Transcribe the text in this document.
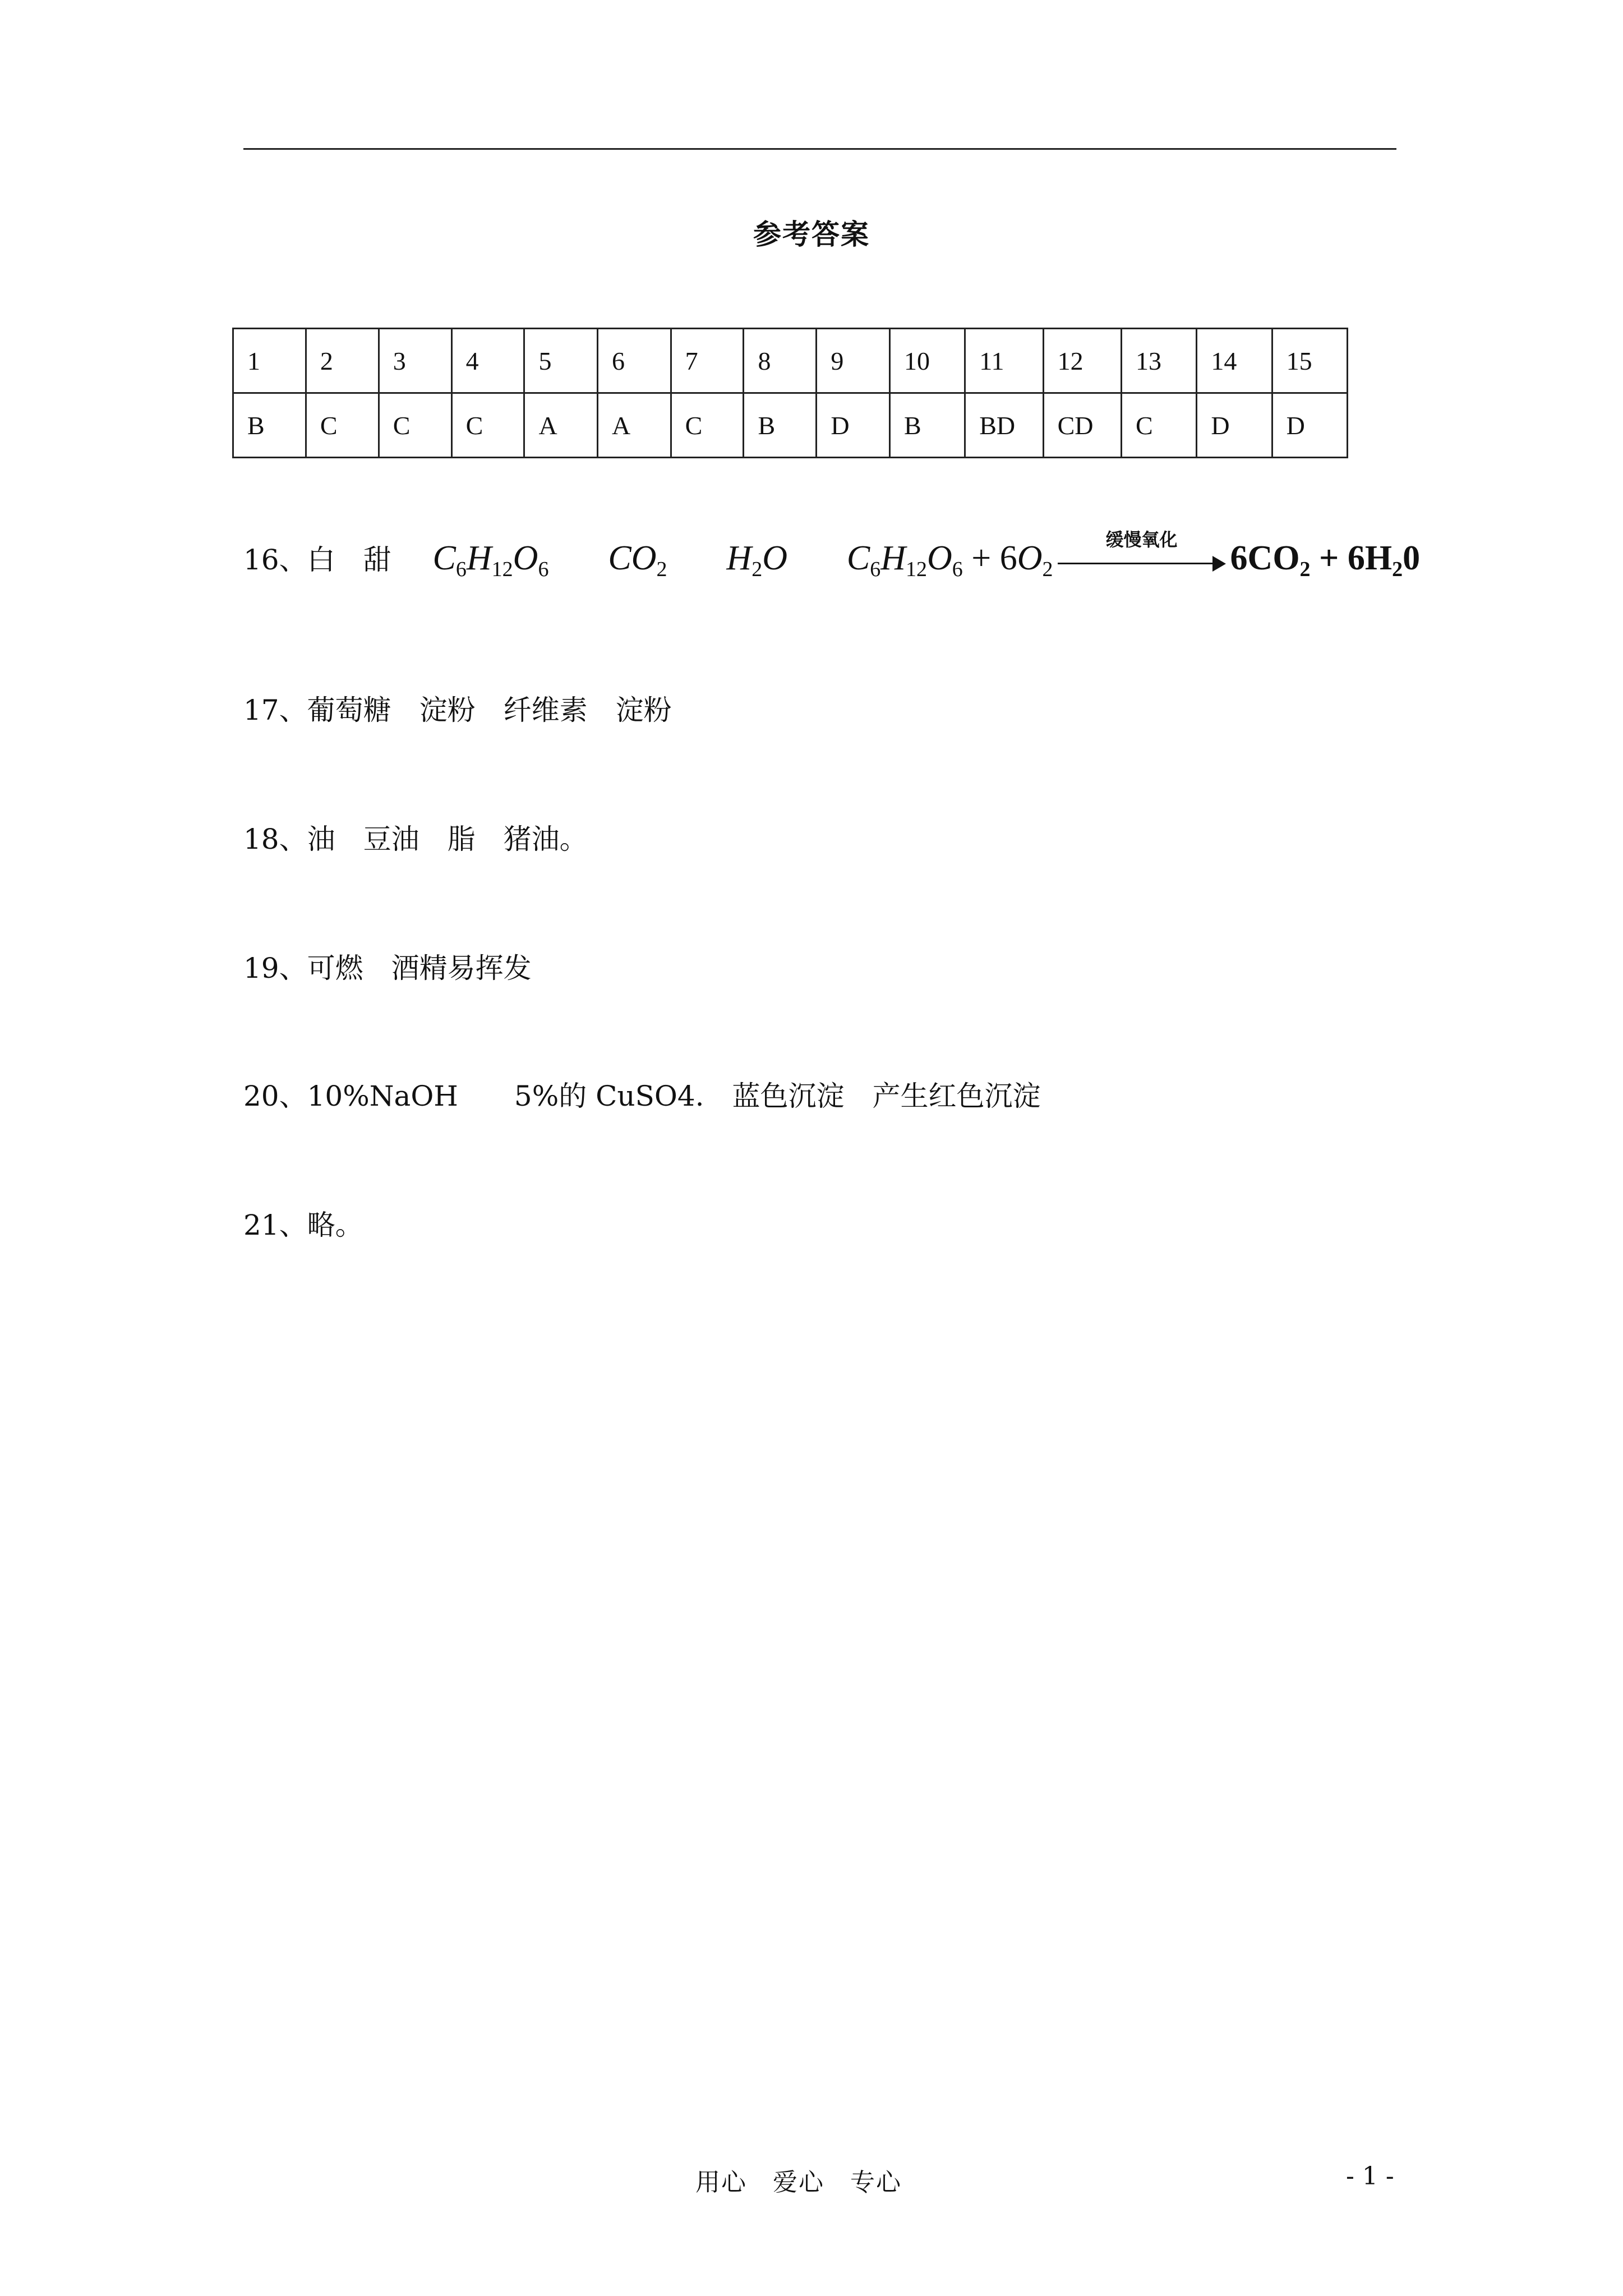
参考答案
1	2	3	4	5	6	7	8	9	10	11	12	13	14	15
B	C	C	C	A	A	C	B	D	B	BD	CD	C	D	D
16、白　甜 $C_6H_{12}O_6$ $CO_2$ $H_2O$ $C_6H_{12}O_6 + 6O_2$
缓慢氧化	$6CO_2 + 6H_20$
17、葡萄糖　淀粉　纤维素　淀粉
18、油　豆油　脂　猪油。
19、可燃　酒精易挥发
20、10%NaOH　　5%的 CuSO4.　蓝色沉淀　产生红色沉淀
21、略。
用心　爱心　专心	- 1 -
